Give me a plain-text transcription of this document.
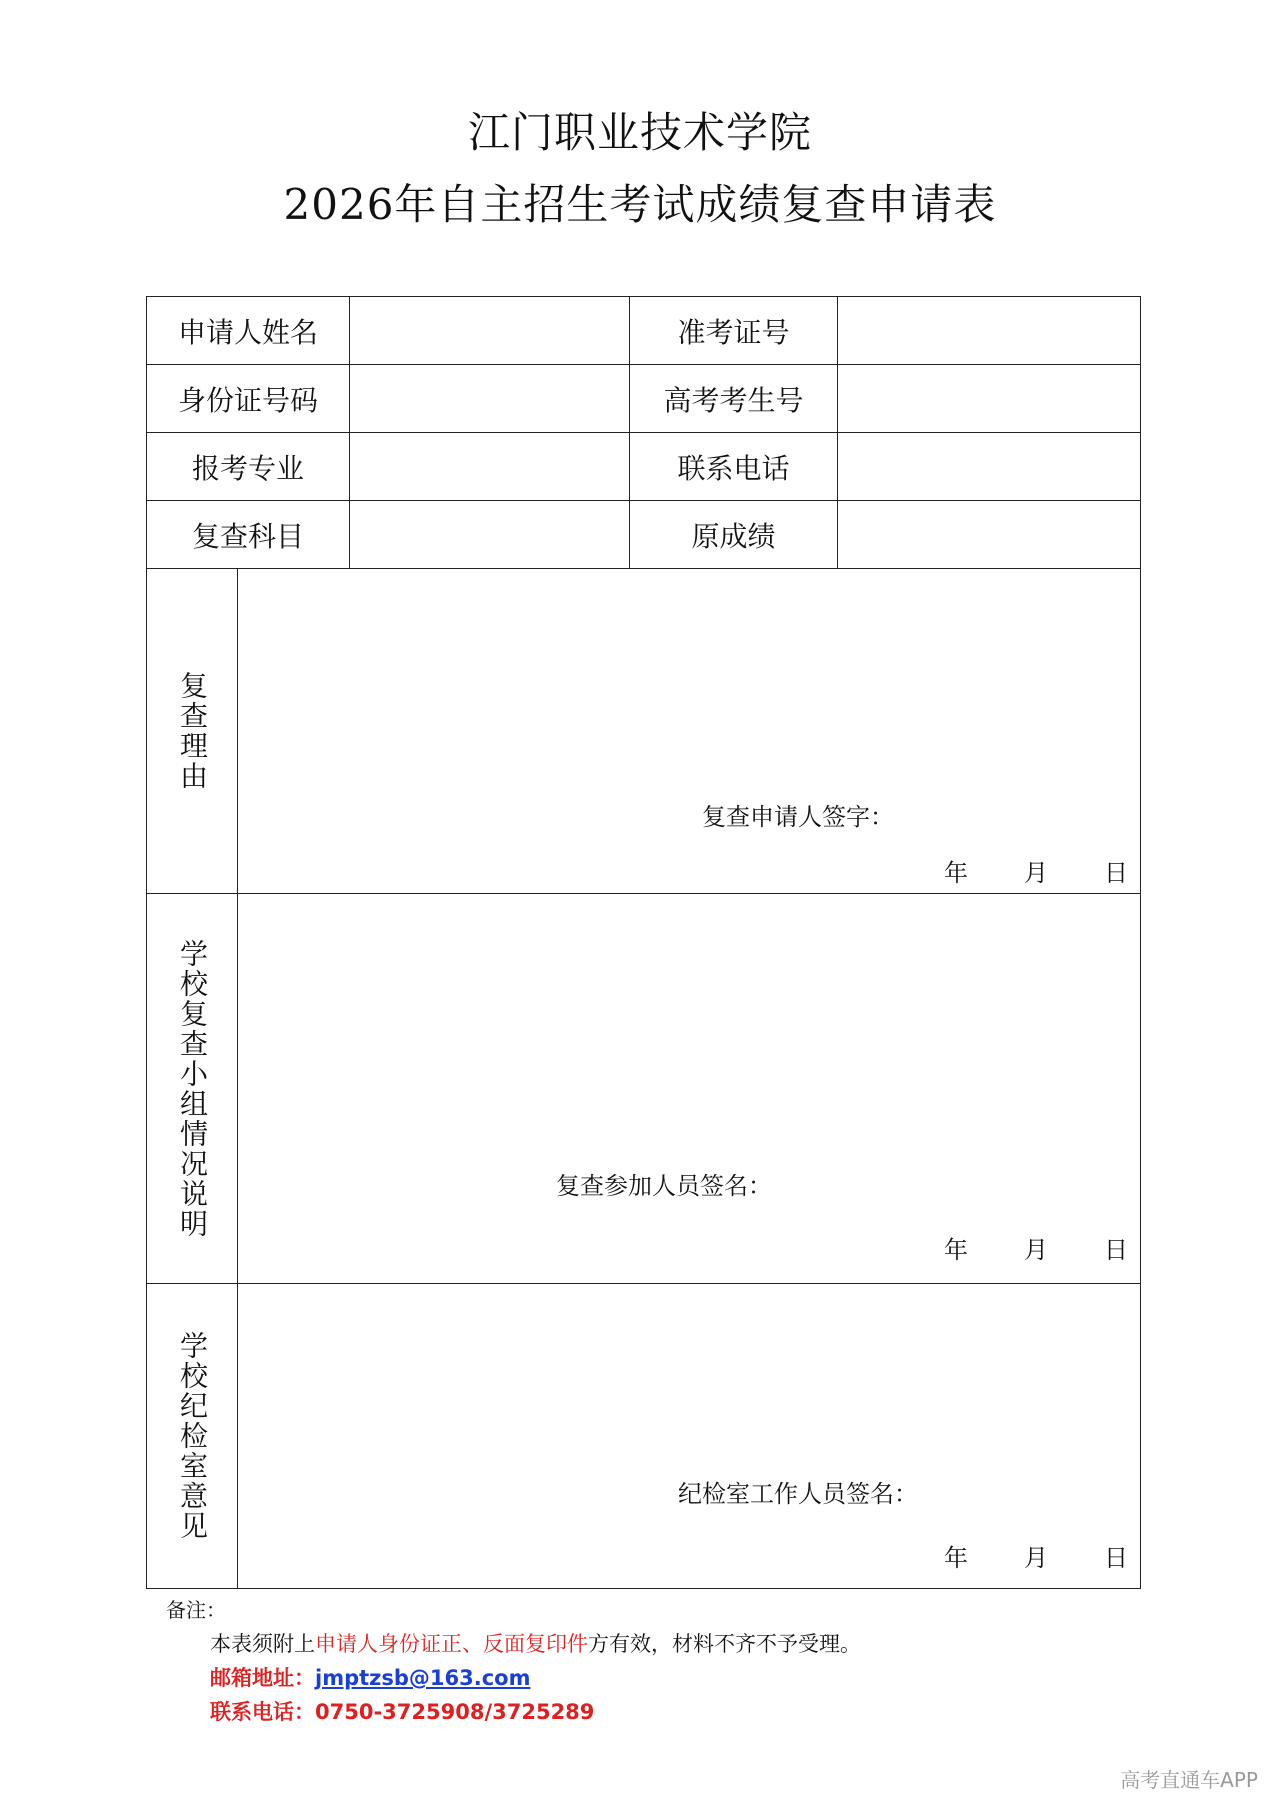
江门职业技术学院
2026年自主招生考试成绩复查申请表
申请人姓名			准考证号	
身份证号码			高考考生号	
报考专业			联系电话	
复查科目			原成绩	

复查理由	复查申请人签字：
年 月 日			

学校复查小组情况说明	复查参加人员签名：
年 月 日			

学校纪检室意见	纪检室工作人员签名：
年 月 日			
备注：
本表须附上申请人身份证正、反面复印件方有效，材料不齐不予受理。
邮箱地址：jmptzsb@163.com
联系电话：0750-3725908/3725289
高考直通车APP
